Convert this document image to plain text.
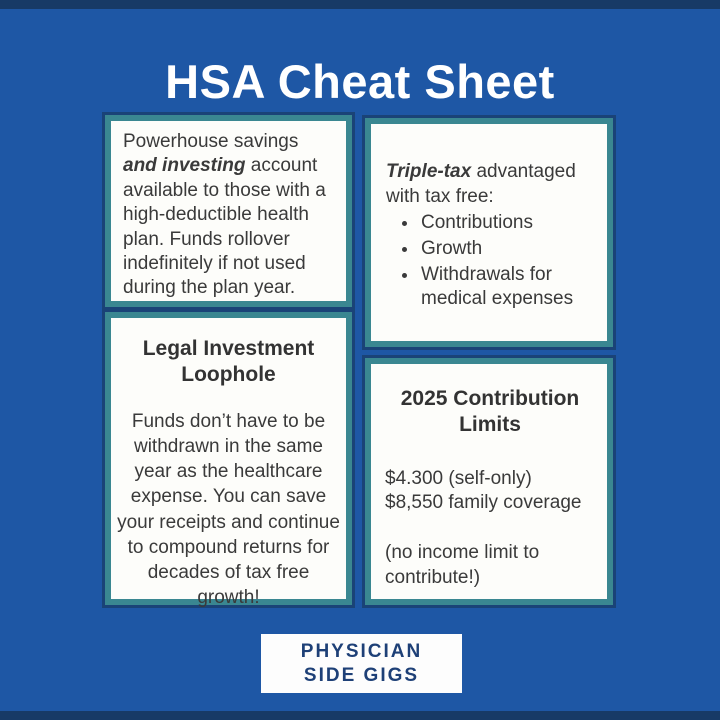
HSA Cheat Sheet
Powerhouse savings and investing account available to those with a high-deductible health plan. Funds rollover indefinitely if not used during the plan year.
Triple-tax advantaged with tax free:
• Contributions
• Growth
• Withdrawals for medical expenses
Legal Investment
Loophole
Funds don’t have to be withdrawn in the same year as the healthcare expense. You can save your receipts and continue to compound returns for decades of tax free growth!
2025 Contribution
Limits
$4.300 (self-only)
$8,550 family coverage
(no income limit to contribute!)
PHYSICIAN
SIDE GIGS
